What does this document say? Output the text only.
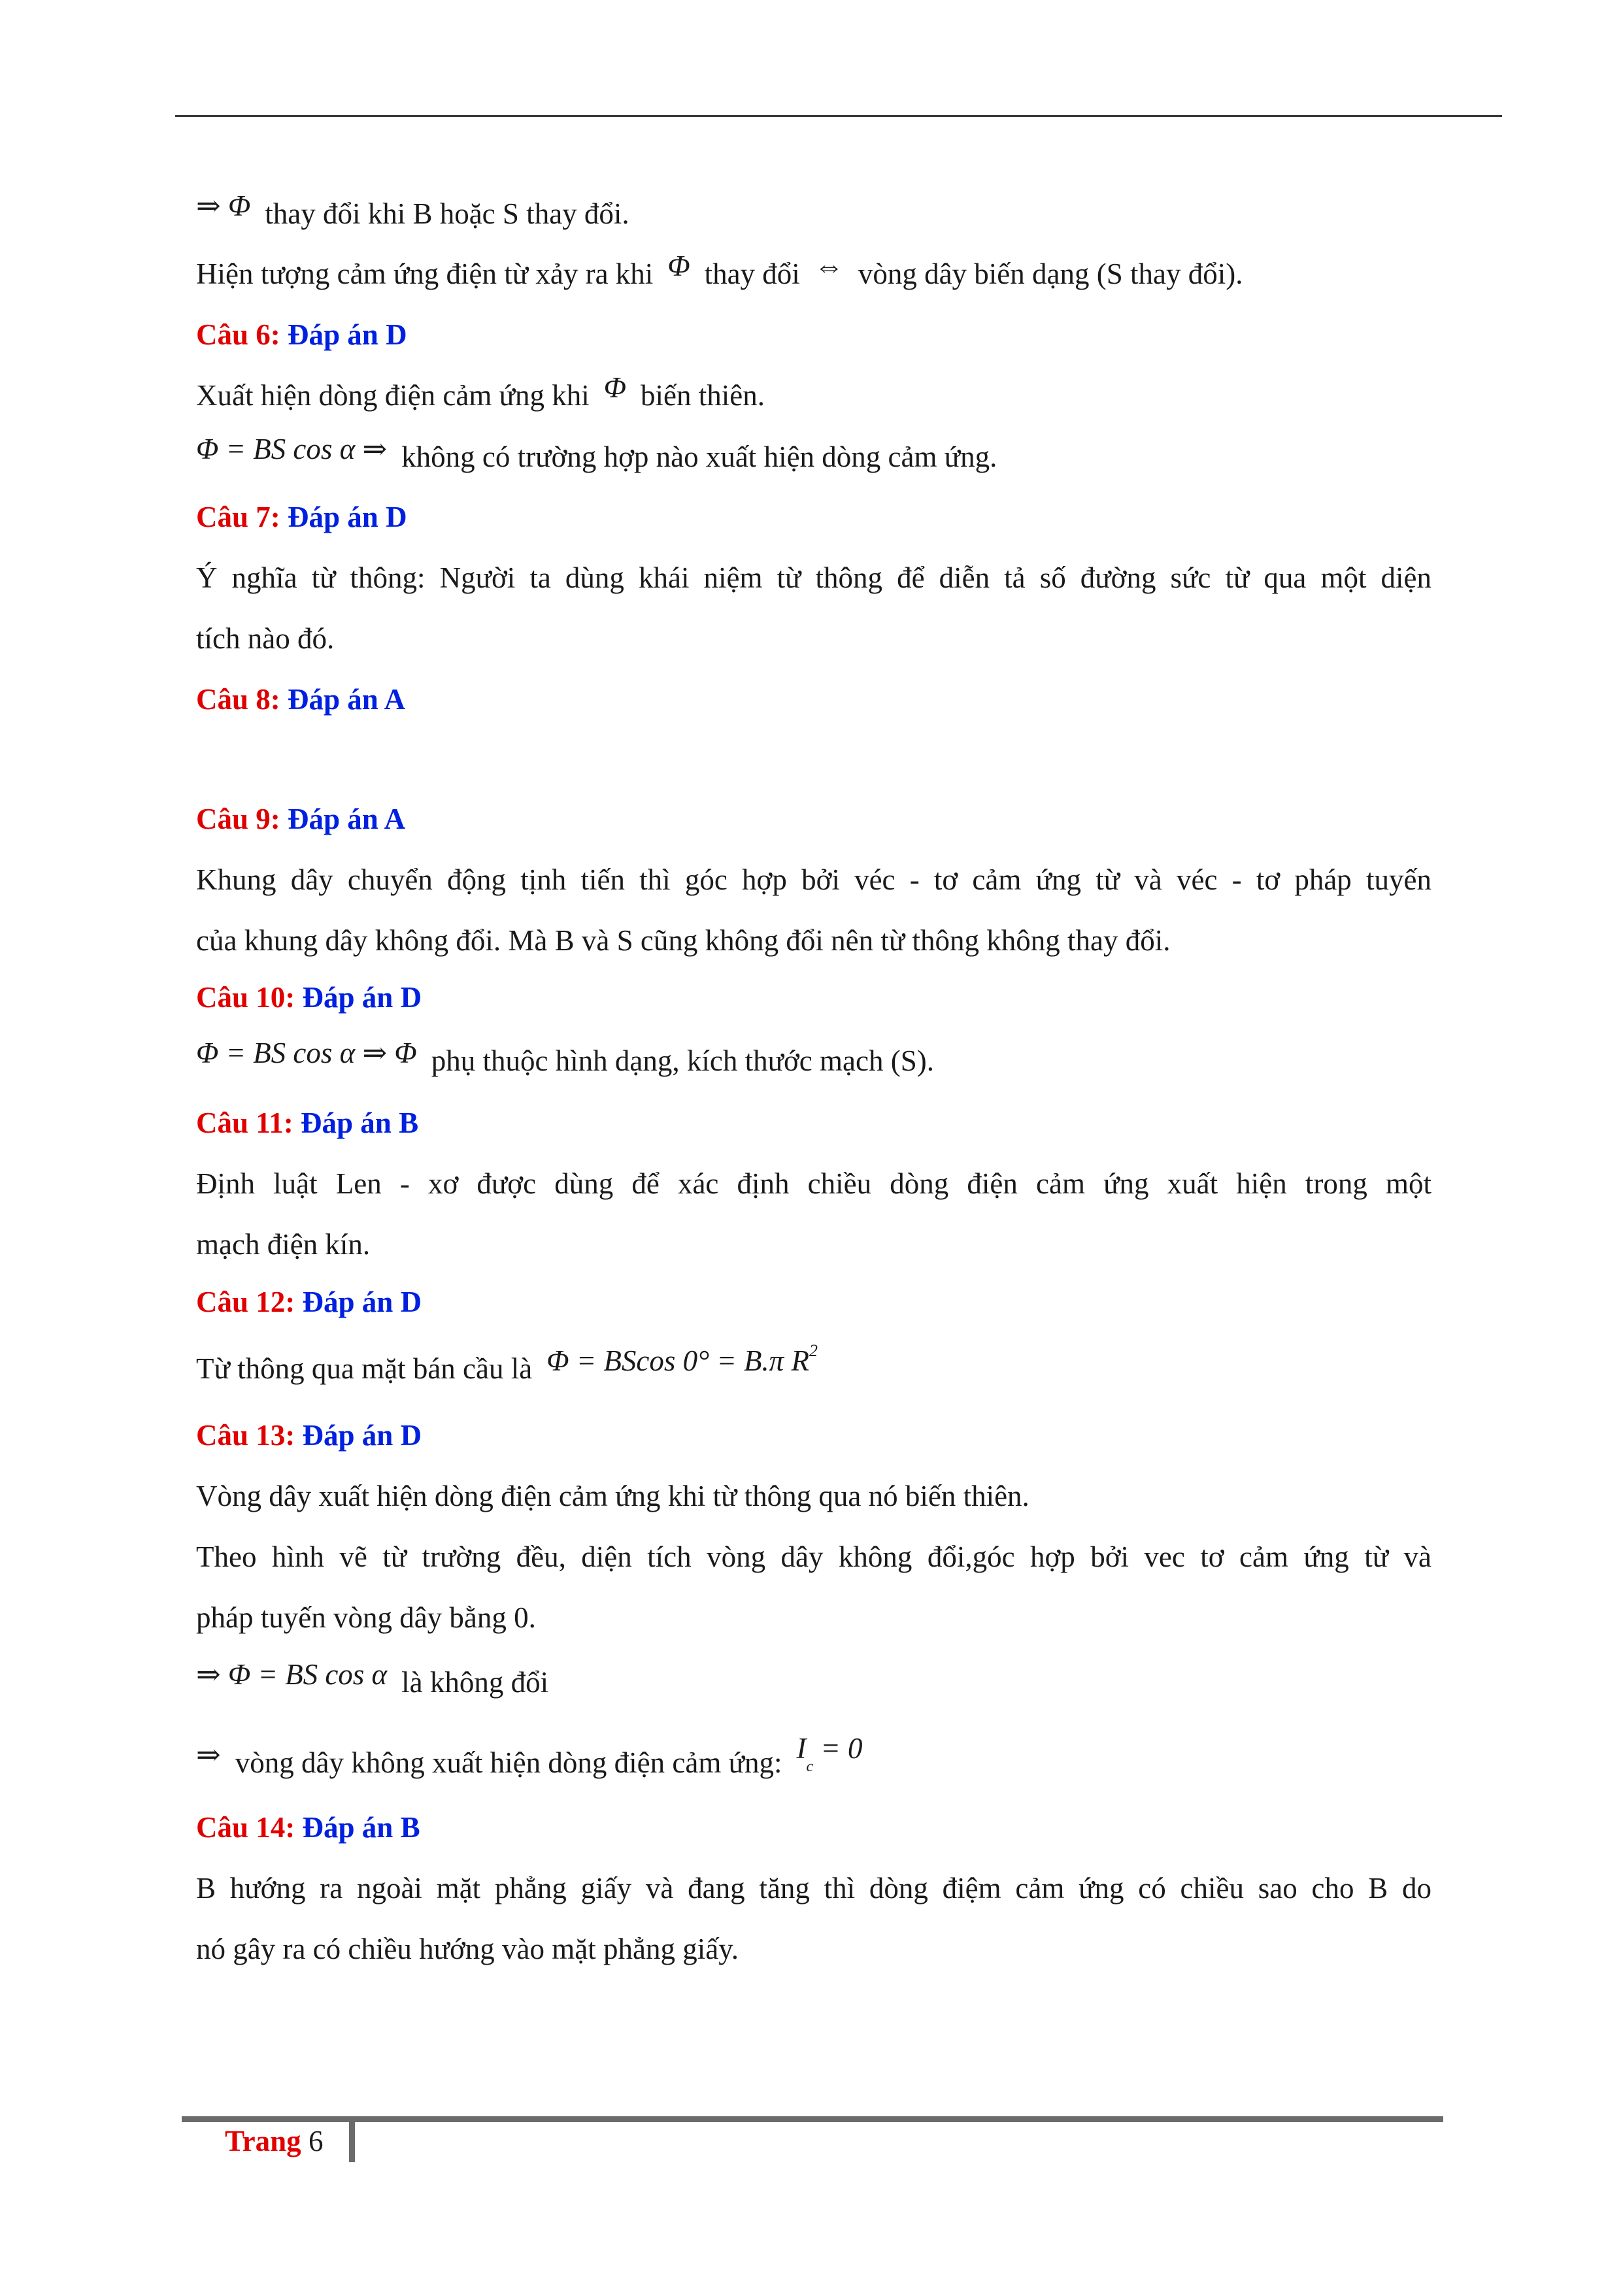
⇒ Φ thay đổi khi B hoặc S thay đổi.
Hiện tượng cảm ứng điện từ xảy ra khi Φ thay đổi ⇔ vòng dây biến dạng (S thay đổi).
Câu 6: Đáp án D
Xuất hiện dòng điện cảm ứng khi Φ biến thiên.
Φ = BS cos α ⇒ không có trường hợp nào xuất hiện dòng cảm ứng.
Câu 7: Đáp án D
Ý nghĩa từ thông: Người ta dùng khái niệm từ thông để diễn tả số đường sức từ qua một diện
tích nào đó.
Câu 8: Đáp án A
Câu 9: Đáp án A
Khung dây chuyển động tịnh tiến thì góc hợp bởi véc - tơ cảm ứng từ và véc - tơ pháp tuyến
của khung dây không đổi. Mà B và S cũng không đổi nên từ thông không thay đổi.
Câu 10: Đáp án D
Φ = BS cos α ⇒ Φ phụ thuộc hình dạng, kích thước mạch (S).
Câu 11: Đáp án B
Định luật Len - xơ được dùng để xác định chiều dòng điện cảm ứng xuất hiện trong một
mạch điện kín.
Câu 12: Đáp án D
Từ thông qua mặt bán cầu là Φ = BScos 0° = B.π $R^2$
Câu 13: Đáp án D
Vòng dây xuất hiện dòng điện cảm ứng khi từ thông qua nó biến thiên.
Theo hình vẽ từ trường đều, diện tích vòng dây không đổi,góc hợp bởi vec tơ cảm ứng từ và
pháp tuyến vòng dây bằng 0.
⇒ Φ = BS cos α là không đổi
⇒ vòng dây không xuất hiện dòng điện cảm ứng: $I_c = 0$
Câu 14: Đáp án B
B hướng ra ngoài mặt phẳng giấy và đang tăng thì dòng điệm cảm ứng có chiều sao cho B do
nó gây ra có chiều hướng vào mặt phẳng giấy.
Trang 6
